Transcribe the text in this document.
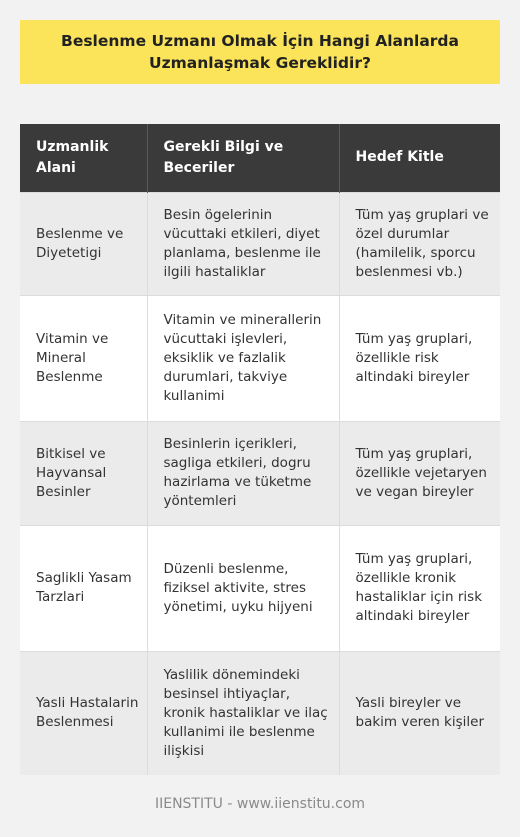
Beslenme Uzmanı Olmak İçin Hangi Alanlarda Uzmanlaşmak Gereklidir?
Uzmanlik Alani	Gerekli Bilgi ve Beceriler	Hedef Kitle
Beslenme ve Diyetetigi	Besin ögelerinin vücuttaki etkileri, diyet planlama, beslenme ile ilgili hastaliklar	Tüm yaş gruplari ve özel durumlar (hamilelik, sporcu beslenmesi vb.)
Vitamin ve Mineral Beslenme	Vitamin ve minerallerin vücuttaki işlevleri, eksiklik ve fazlalik durumlari, takviye kullanimi	Tüm yaş gruplari, özellikle risk altindaki bireyler
Bitkisel ve Hayvansal Besinler	Besinlerin içerikleri, sagliga etkileri, dogru hazirlama ve tüketme yöntemleri	Tüm yaş gruplari, özellikle vejetaryen ve vegan bireyler
Saglikli Yasam Tarzlari	Düzenli beslenme, fiziksel aktivite, stres yönetimi, uyku hijyeni	Tüm yaş gruplari, özellikle kronik hastaliklar için risk altindaki bireyler
Yasli Hastalarin Beslenmesi	Yaslilik dönemindeki besinsel ihtiyaçlar, kronik hastaliklar ve ilaç kullanimi ile beslenme ilişkisi	Yasli bireyler ve bakim veren kişiler
IIENSTITU - www.iienstitu.com
